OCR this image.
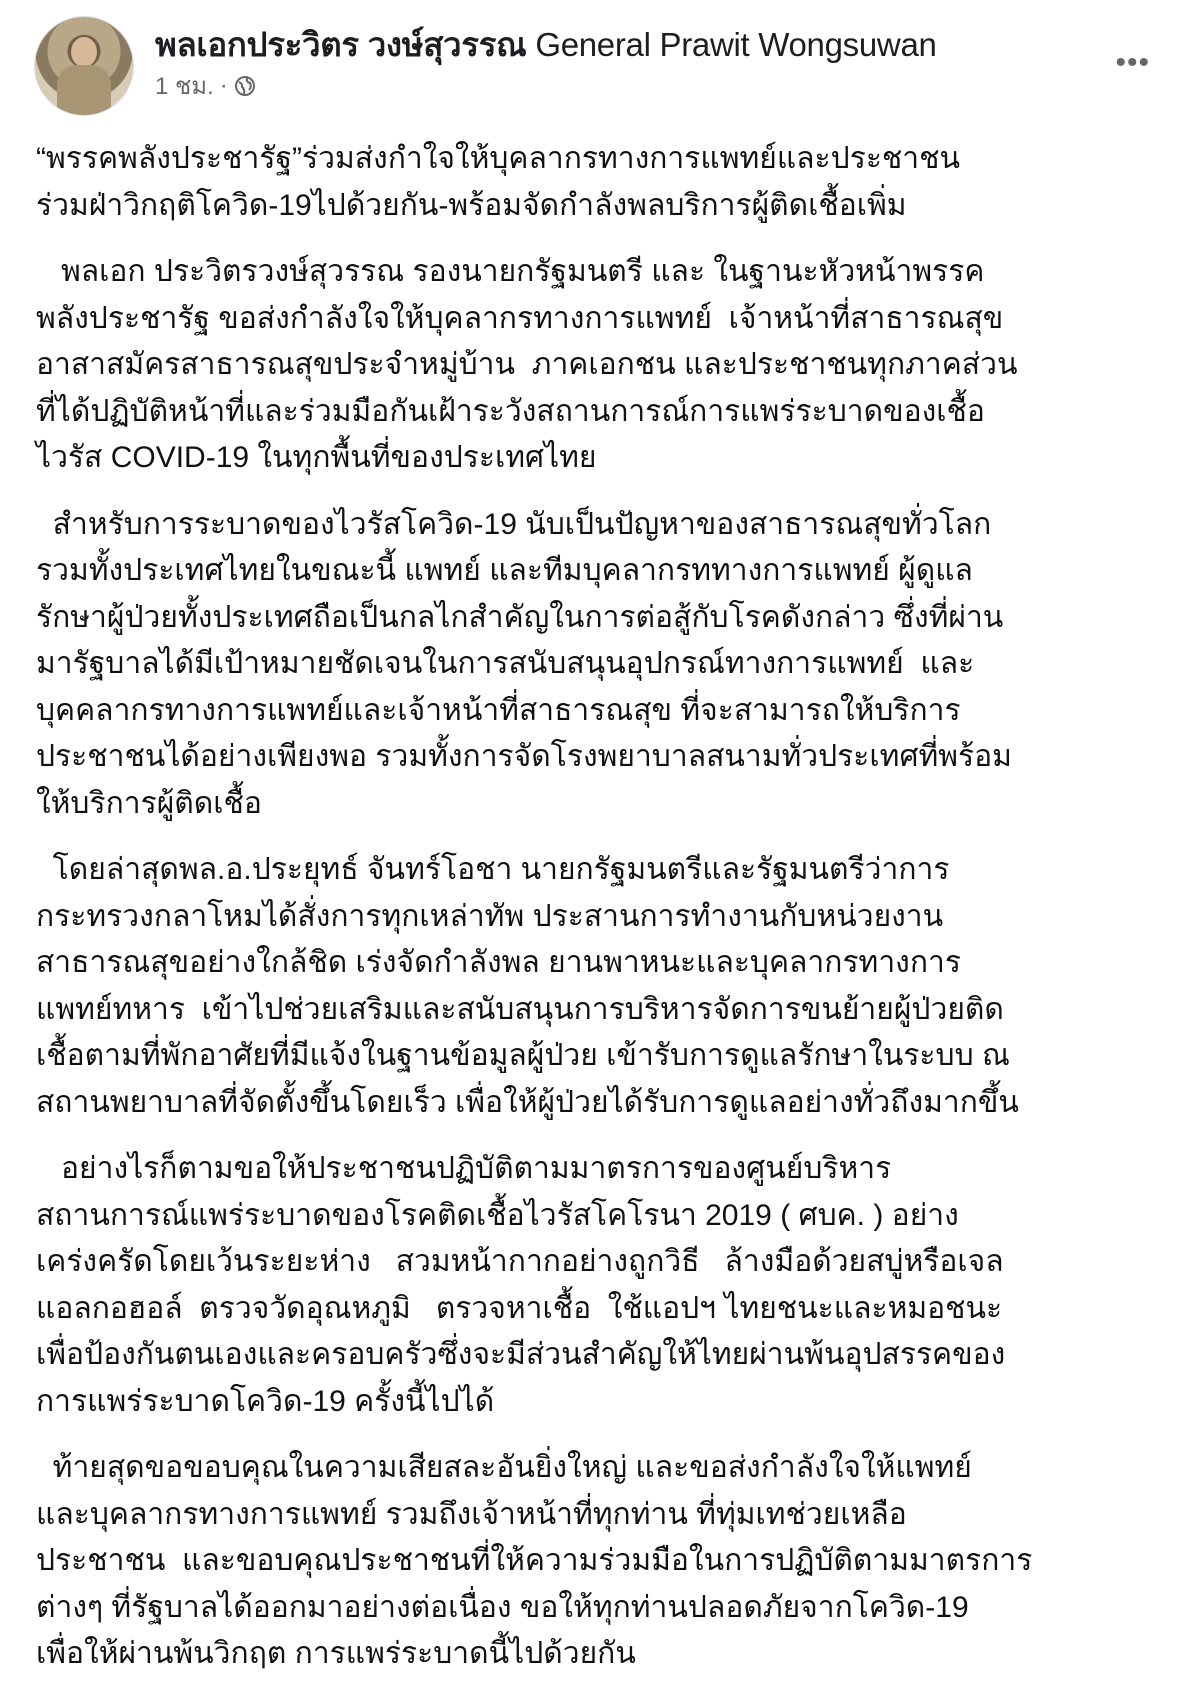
พลเอกประวิตร วงษ์สุวรรณ General Prawit Wongsuwan
1 ชม. ·
•••
“พรรคพลังประชารัฐ”ร่วมส่งกำใจให้บุคลากรทางการแพทย์และประชาชน
ร่วมฝ่าวิกฤติโควิด-19ไปด้วยกัน-พร้อมจัดกำลังพลบริการผู้ติดเชื้อเพิ่ม
พลเอก ประวิตรวงษ์สุวรรณ รองนายกรัฐมนตรี และ ในฐานะหัวหน้าพรรค
พลังประชารัฐ ขอส่งกำลังใจให้บุคลากรทางการแพทย์  เจ้าหน้าที่สาธารณสุข
อาสาสมัครสาธารณสุขประจำหมู่บ้าน  ภาคเอกชน และประชาชนทุกภาคส่วน
ที่ได้ปฏิบัติหน้าที่และร่วมมือกันเฝ้าระวังสถานการณ์การแพร่ระบาดของเชื้อ
ไวรัส COVID-19 ในทุกพื้นที่ของประเทศไทย
สำหรับการระบาดของไวรัสโควิด-19 นับเป็นปัญหาของสาธารณสุขทั่วโลก
รวมทั้งประเทศไทยในขณะนี้ แพทย์ และทีมบุคลากรททางการแพทย์ ผู้ดูแล
รักษาผู้ป่วยทั้งประเทศถือเป็นกลไกสำคัญในการต่อสู้กับโรคดังกล่าว ซึ่งที่ผ่าน
มารัฐบาลได้มีเป้าหมายชัดเจนในการสนับสนุนอุปกรณ์ทางการแพทย์  และ
บุคคลากรทางการแพทย์และเจ้าหน้าที่สาธารณสุข ที่จะสามารถให้บริการ
ประชาชนได้อย่างเพียงพอ รวมทั้งการจัดโรงพยาบาลสนามทั่วประเทศที่พร้อม
ให้บริการผู้ติดเชื้อ
โดยล่าสุดพล.อ.ประยุทธ์ จันทร์โอชา นายกรัฐมนตรีและรัฐมนตรีว่าการ
กระทรวงกลาโหมได้สั่งการทุกเหล่าทัพ ประสานการทำงานกับหน่วยงาน
สาธารณสุขอย่างใกล้ชิด เร่งจัดกำลังพล ยานพาหนะและบุคลากรทางการ
แพทย์ทหาร  เข้าไปช่วยเสริมและสนับสนุนการบริหารจัดการขนย้ายผู้ป่วยติด
เชื้อตามที่พักอาศัยที่มีแจ้งในฐานข้อมูลผู้ป่วย เข้ารับการดูแลรักษาในระบบ ณ
สถานพยาบาลที่จัดตั้งขึ้นโดยเร็ว เพื่อให้ผู้ป่วยได้รับการดูแลอย่างทั่วถึงมากขึ้น
อย่างไรก็ตามขอให้ประชาชนปฏิบัติตามมาตรการของศูนย์บริหาร
สถานการณ์แพร่ระบาดของโรคติดเชื้อไวรัสโคโรนา 2019 ( ศบค. ) อย่าง
เคร่งครัดโดยเว้นระยะห่าง   สวมหน้ากากอย่างถูกวิธี   ล้างมือด้วยสบู่หรือเจล
แอลกอฮอล์  ตรวจวัดอุณหภูมิ   ตรวจหาเชื้อ  ใช้แอปฯ ไทยชนะและหมอชนะ
เพื่อป้องกันตนเองและครอบครัวซึ่งจะมีส่วนสำคัญให้ไทยผ่านพ้นอุปสรรคของ
การแพร่ระบาดโควิด-19 ครั้งนี้ไปได้
ท้ายสุดขอขอบคุณในความเสียสละอันยิ่งใหญ่ และขอส่งกำลังใจให้แพทย์
และบุคลากรทางการแพทย์ รวมถึงเจ้าหน้าที่ทุกท่าน ที่ทุ่มเทช่วยเหลือ
ประชาชน  และขอบคุณประชาชนที่ให้ความร่วมมือในการปฏิบัติตามมาตรการ
ต่างๆ ที่รัฐบาลได้ออกมาอย่างต่อเนื่อง ขอให้ทุกท่านปลอดภัยจากโควิด-19
เพื่อให้ผ่านพ้นวิกฤต การแพร่ระบาดนี้ไปด้วยกัน
